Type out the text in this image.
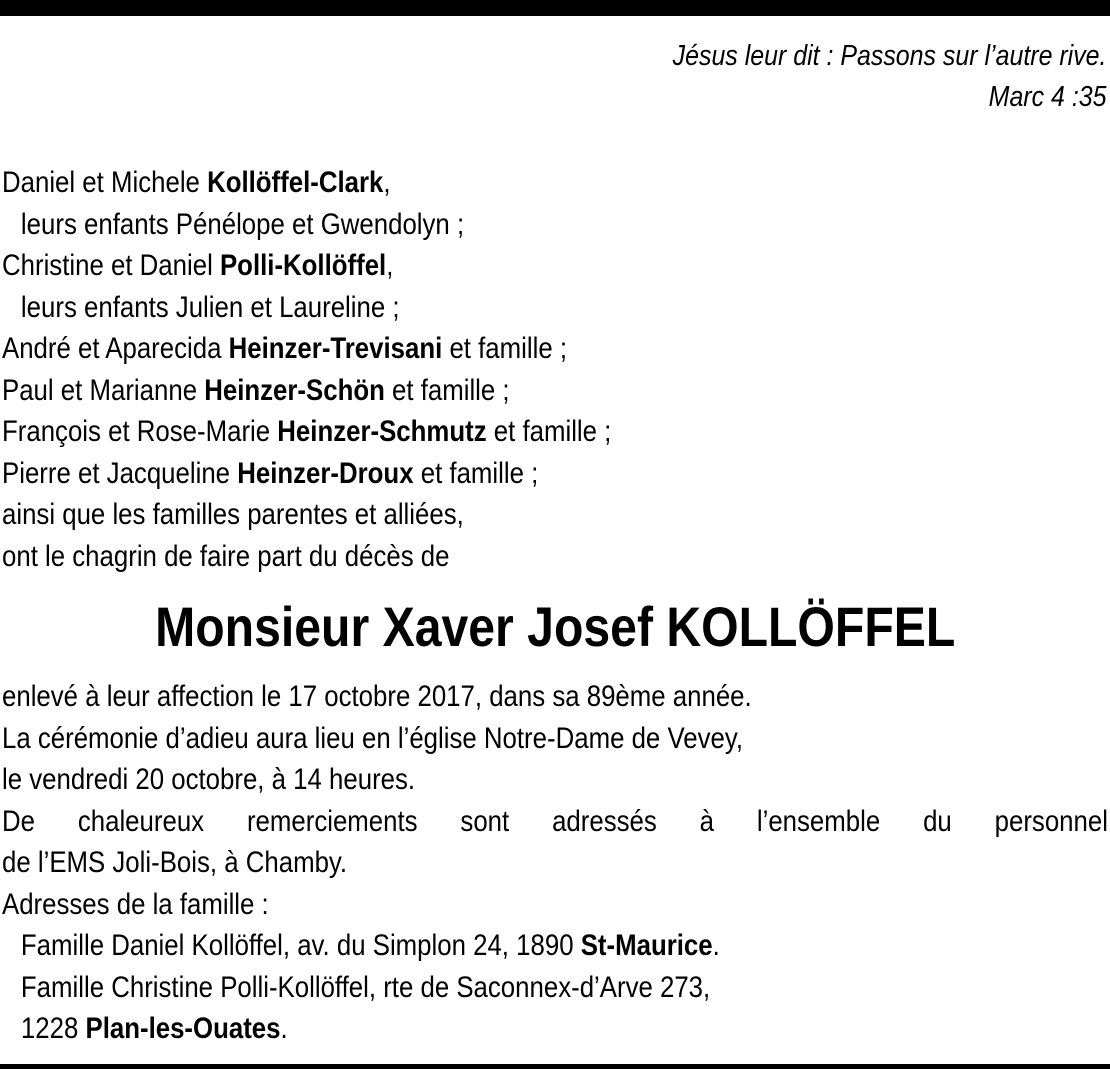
Jésus leur dit : Passons sur l’autre rive.
Marc 4 :35
Daniel et Michele Kollöffel-Clark,
leurs enfants Pénélope et Gwendolyn ;
Christine et Daniel Polli-Kollöffel,
leurs enfants Julien et Laureline ;
André et Aparecida Heinzer-Trevisani et famille ;
Paul et Marianne Heinzer-Schön et famille ;
François et Rose-Marie Heinzer-Schmutz et famille ;
Pierre et Jacqueline Heinzer-Droux et famille ;
ainsi que les familles parentes et alliées,
ont le chagrin de faire part du décès de
Monsieur Xaver Josef KOLLÖFFEL
enlevé à leur affection le 17 octobre 2017, dans sa 89ème année.
La cérémonie d’adieu aura lieu en l’église Notre-Dame de Vevey,
le vendredi 20 octobre, à 14 heures.
De chaleureux remerciements sont adressés à l’ensemble du personnel
de l’EMS Joli-Bois, à Chamby.
Adresses de la famille :
Famille Daniel Kollöffel, av. du Simplon 24, 1890 St-Maurice.
Famille Christine Polli-Kollöffel, rte de Saconnex-d’Arve 273,
1228 Plan-les-Ouates.
